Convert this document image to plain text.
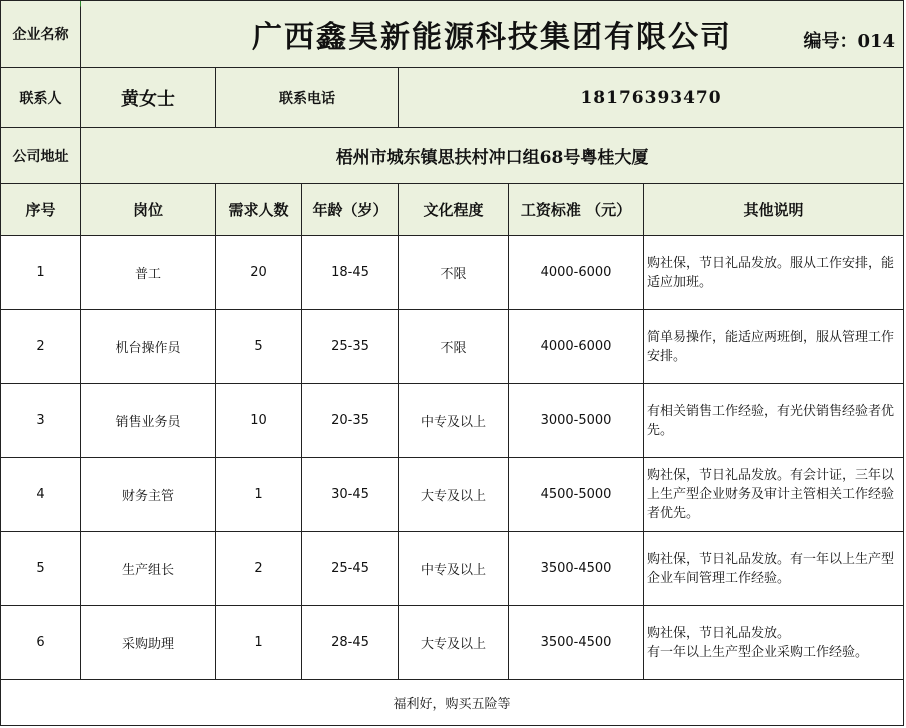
企业名称	广西鑫昊新能源科技集团有限公司 编号：014					

联系人	黄女士	联系电话		18176393470		
公司地址	梧州市城东镇思扶村冲口组68号粤桂大厦					
序号	岗位	需求人数	年龄（岁）	文化程度	工资标准 （元）	其他说明
1	普工	20	18-45	不限	4000-6000	购社保，节日礼品发放。服从工作安排，能适应加班。
2	机台操作员	5	25-35	不限	4000-6000	简单易操作，能适应两班倒，服从管理工作安排。
3	销售业务员	10	20-35	中专及以上	3000-5000	有相关销售工作经验，有光伏销售经验者优先。
4	财务主管	1	30-45	大专及以上	4500-5000	购社保，节日礼品发放。有会计证，三年以上生产型企业财务及审计主管相关工作经验者优先。
5	生产组长	2	25-45	中专及以上	3500-4500	购社保，节日礼品发放。有一年以上生产型企业车间管理工作经验。
6	采购助理	1	28-45	大专及以上	3500-4500	购社保，节日礼品发放。
有一年以上生产型企业采购工作经验。
福利好，购买五险等						
